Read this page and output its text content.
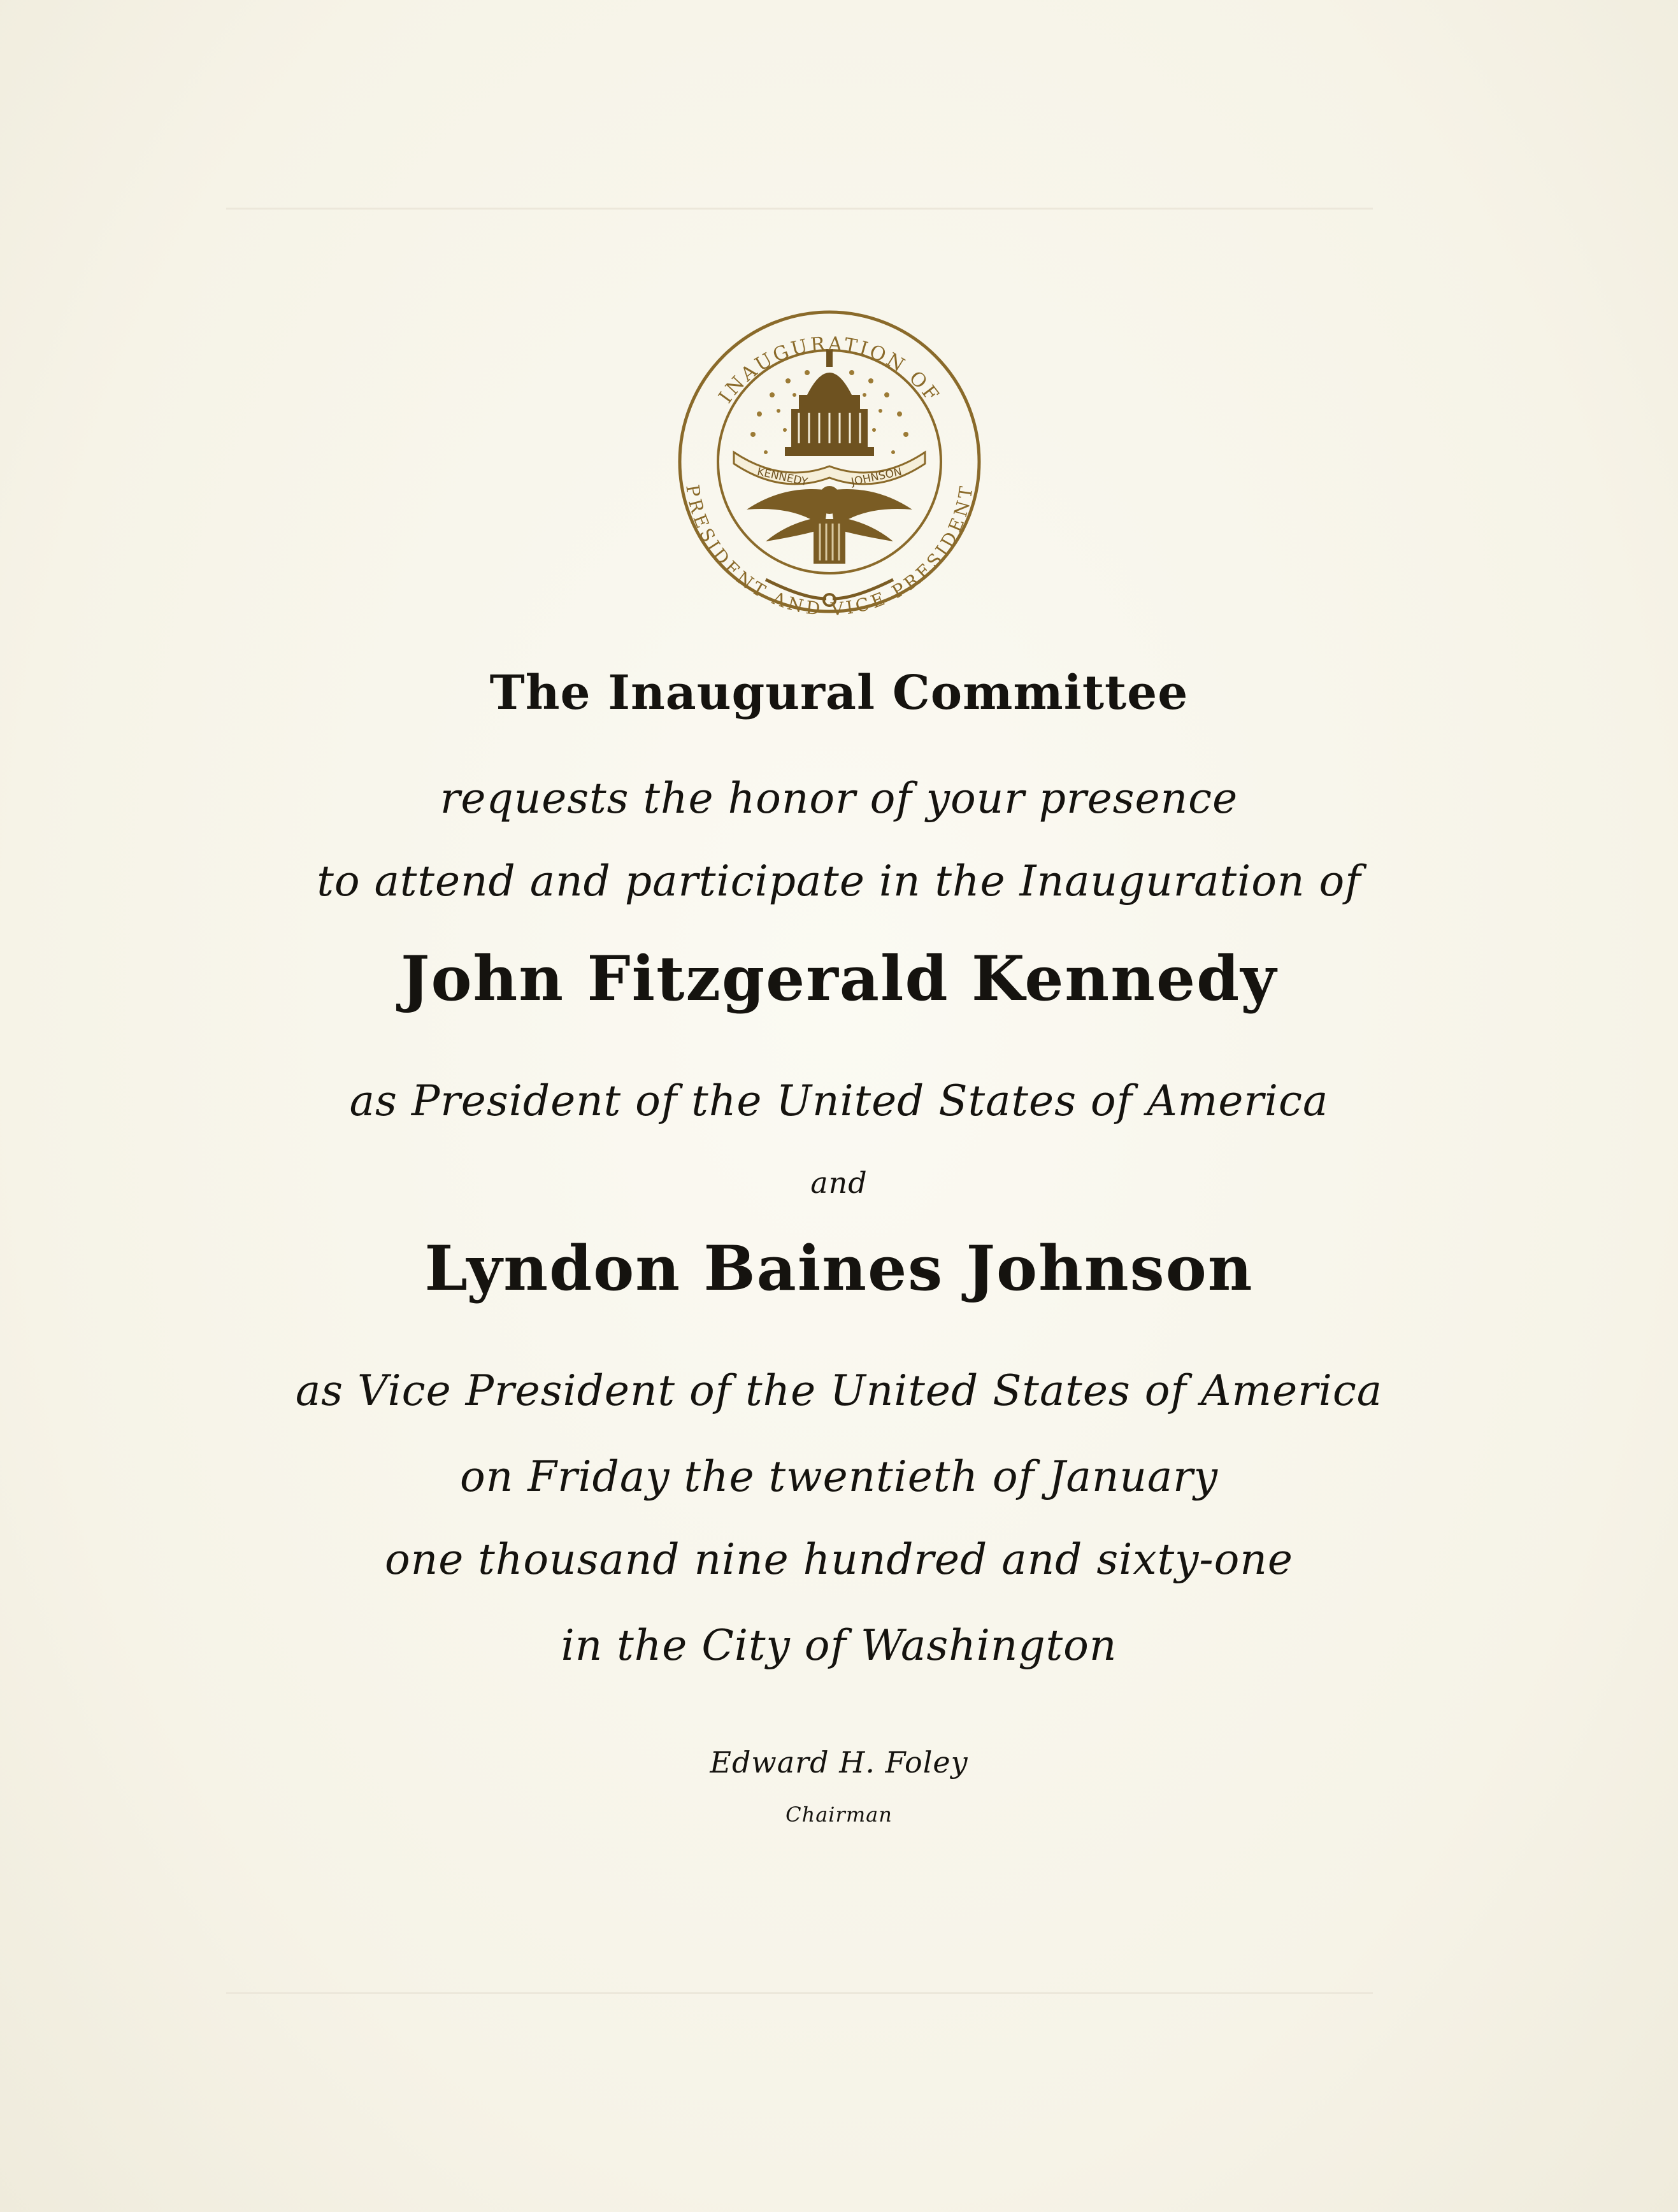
KENNEDY	JOHNSON
INAUGURATION OF
PRESIDENT AND VICE PRESIDENT
The Inaugural Committee
requests the honor of your presence
to attend and participate in the Inauguration of
John Fitzgerald Kennedy
as President of the United States of America
and
Lyndon Baines Johnson
as Vice President of the United States of America
on Friday the twentieth of January
one thousand nine hundred and sixty-one
in the City of Washington
Edward H. Foley
Chairman
